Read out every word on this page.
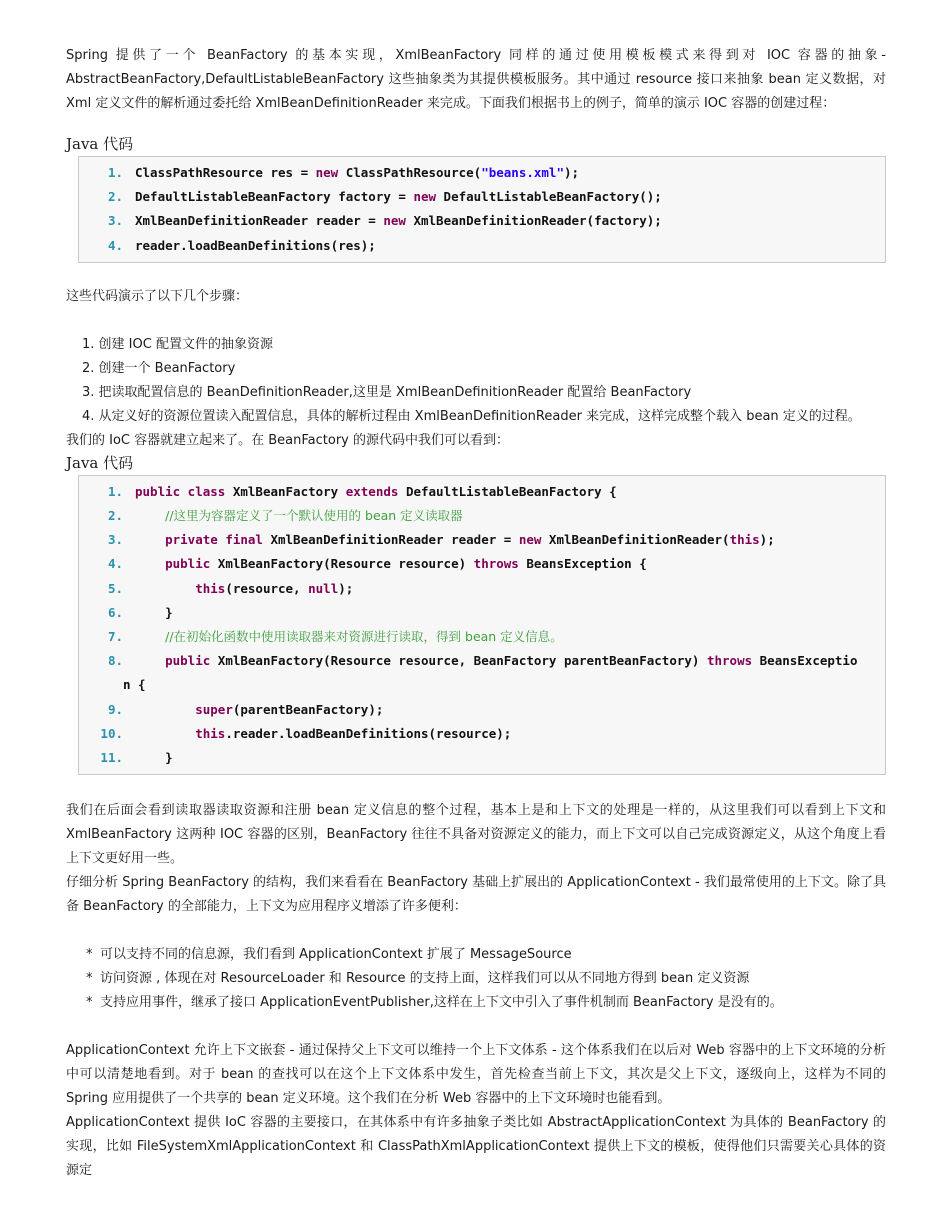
Spring 提供了一个 BeanFactory 的基本实现，XmlBeanFactory 同样的通过使用模板模式来得到对 IOC 容器的抽象- AbstractBeanFactory,DefaultListableBeanFactory 这些抽象类为其提供模板服务。其中通过 resource 接口来抽象 bean 定义数据，对 Xml 定义文件的解析通过委托给 XmlBeanDefinitionReader 来完成。下面我们根据书上的例子，简单的演示 IOC 容器的创建过程：

Java 代码

1. ClassPathResource res = new ClassPathResource("beans.xml");
2. DefaultListableBeanFactory factory = new DefaultListableBeanFactory();
3. XmlBeanDefinitionReader reader = new XmlBeanDefinitionReader(factory);
4. reader.loadBeanDefinitions(res);

这些代码演示了以下几个步骤：

1. 创建 IOC 配置文件的抽象资源
2. 创建一个 BeanFactory
3. 把读取配置信息的 BeanDefinitionReader,这里是 XmlBeanDefinitionReader 配置给 BeanFactory
4. 从定义好的资源位置读入配置信息，具体的解析过程由 XmlBeanDefinitionReader 来完成，这样完成整个载入 bean 定义的过程。

我们的 IoC 容器就建立起来了。在 BeanFactory 的源代码中我们可以看到：

Java 代码

1. public class XmlBeanFactory extends DefaultListableBeanFactory {
2.	//这里为容器定义了一个默认使用的 bean 定义读取器
3.	private final XmlBeanDefinitionReader reader = new XmlBeanDefinitionReader(this);
4.	public XmlBeanFactory(Resource resource) throws BeansException {
5.	this(resource, null);
6. }
7.	//在初始化函数中使用读取器来对资源进行读取，得到 bean 定义信息。
8.	public XmlBeanFactory(Resource resource, BeanFactory parentBeanFactory) throws BeansExceptio
n {
9.	super(parentBeanFactory);
10.	this.reader.loadBeanDefinitions(resource);
11. }

我们在后面会看到读取器读取资源和注册 bean 定义信息的整个过程，基本上是和上下文的处理是一样的，从这里我们可以看到上下文和 XmlBeanFactory 这两种 IOC 容器的区别，BeanFactory 往往不具备对资源定义的能力，而上下文可以自己完成资源定义，从这个角度上看上下文更好用一些。

仔细分析 Spring BeanFactory 的结构，我们来看看在 BeanFactory 基础上扩展出的 ApplicationContext - 我们最常使用的上下文。除了具备 BeanFactory 的全部能力，上下文为应用程序义增添了许多便利：

* 可以支持不同的信息源，我们看到 ApplicationContext 扩展了 MessageSource
* 访问资源 , 体现在对 ResourceLoader 和 Resource 的支持上面，这样我们可以从不同地方得到 bean 定义资源
* 支持应用事件，继承了接口 ApplicationEventPublisher,这样在上下文中引入了事件机制而 BeanFactory 是没有的。

ApplicationContext 允许上下文嵌套 - 通过保持父上下文可以维持一个上下文体系 - 这个体系我们在以后对 Web 容器中的上下文环境的分析中可以清楚地看到。对于 bean 的查找可以在这个上下文体系中发生，首先检查当前上下文，其次是父上下文，逐级向上，这样为不同的 Spring 应用提供了一个共享的 bean 定义环境。这个我们在分析 Web 容器中的上下文环境时也能看到。

ApplicationContext 提供 IoC 容器的主要接口，在其体系中有许多抽象子类比如 AbstractApplicationContext 为具体的 BeanFactory 的实现，比如 FileSystemXmlApplicationContext 和 ClassPathXmlApplicationContext 提供上下文的模板，使得他们只需要关心具体的资源定
